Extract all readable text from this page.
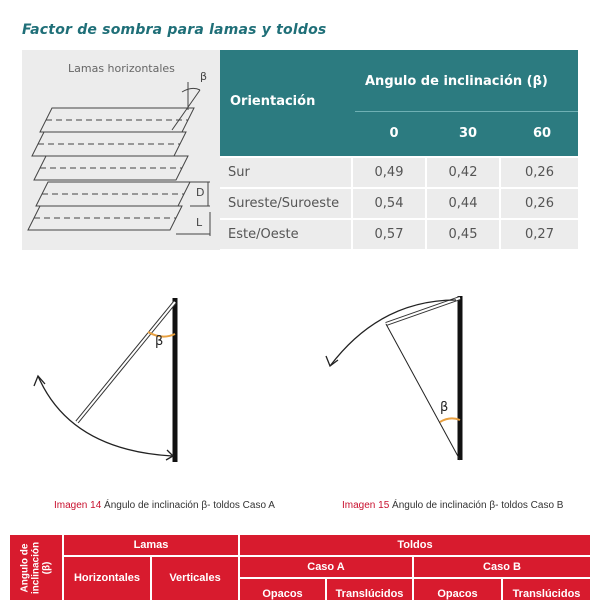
Factor de sombra para lamas y toldos
Lamas horizontales
β
D
L
Orientación
Angulo de inclinación (β)
0	30	60
Sur	0,49	0,42	0,26
Sureste/Suroeste	0,54	0,44	0,26
Este/Oeste	0,57	0,45	0,27
β
β
Imagen 14 Ángulo de inclinación β- toldos Caso A	Imagen 15 Ángulo de inclinación β- toldos Caso B
Angulo de inclinación (β)
Lamas	Toldos
Horizontales	Verticales
Caso A	Caso B
Opacos	Translúcidos	Opacos	Translúcidos
